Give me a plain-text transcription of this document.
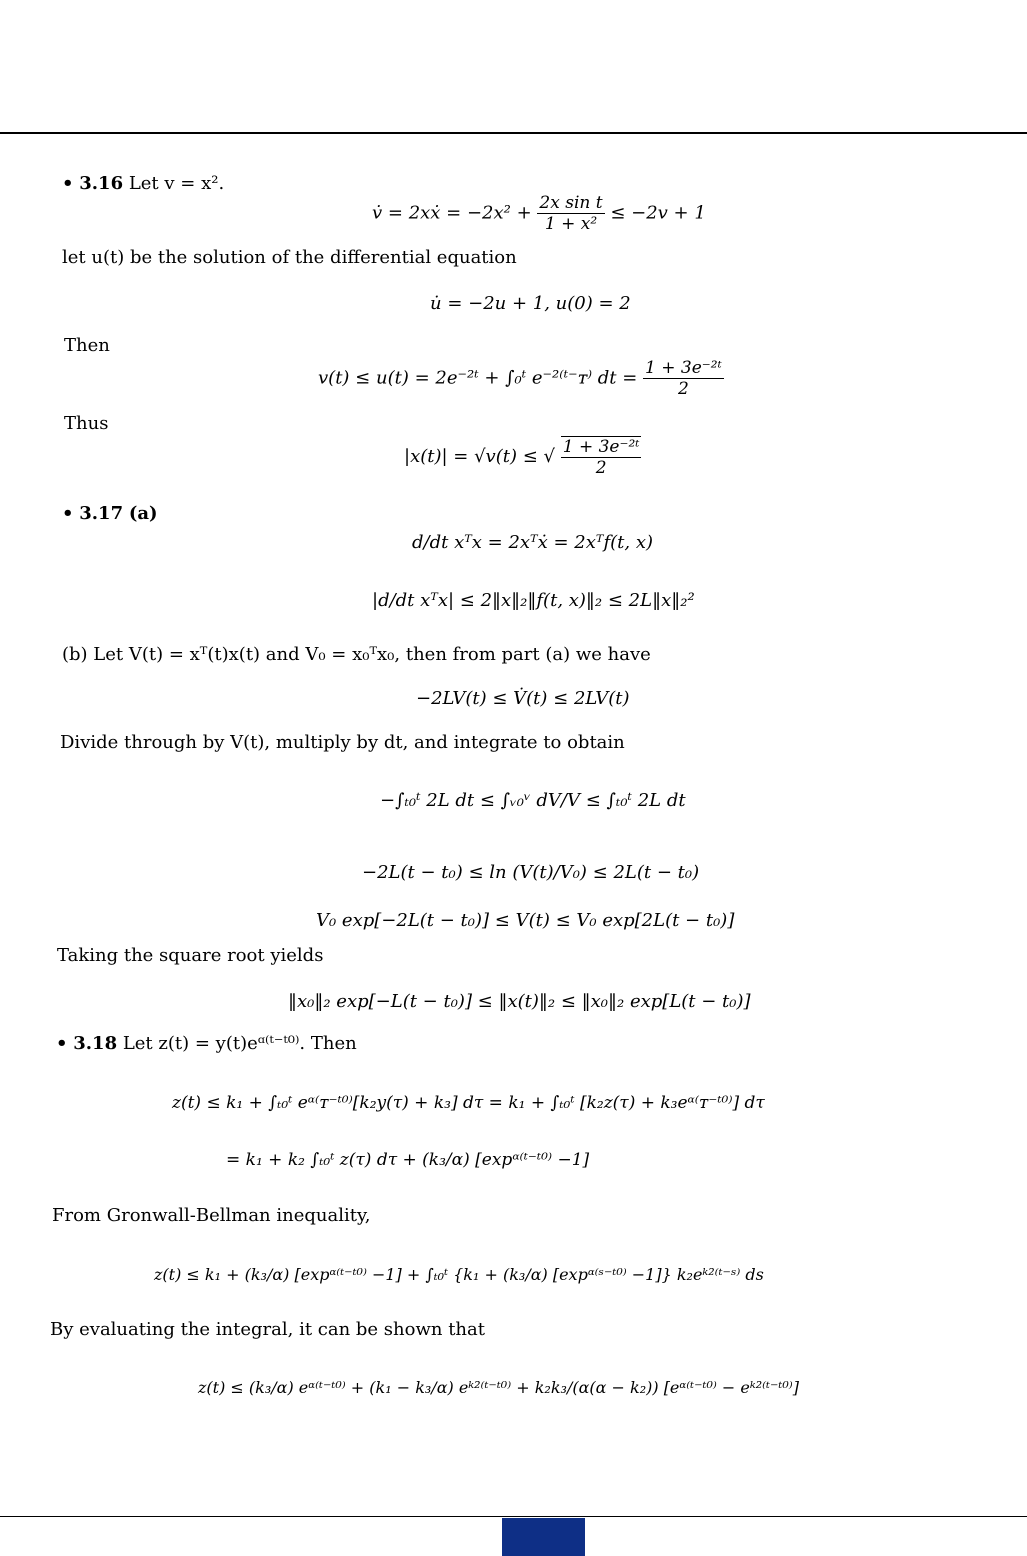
• 3.16 Let v = x².
v̇ = 2xẋ = $-2x^2 + \frac{\text{2x sin t}}{\text{1 + x²}} \le -2v + 1$
let u(t) be the solution of the differential equation
u̇ = −2u + 1, u(0) = 2
Then
v(t) ≤ u(t) = 2e⁻²ᵗ + ∫₀ᵗ e⁻²⁽ᵗ⁻ᴛ⁾ dt = $\frac{\text{1 + 3e⁻²ᵗ}}{2}$
Thus
|x(t)| = √v(t) ≤ √ $\frac{\text{1 + 3e⁻²ᵗ}}{2}$
• 3.17 (a)
d/dt xᵀx = 2xᵀẋ = 2xᵀf(t, x)
|d/dt xᵀx| ≤ 2‖x‖₂‖f(t, x)‖₂ ≤ 2L‖x‖₂²
(b) Let V(t) = xᵀ(t)x(t) and V₀ = x₀ᵀx₀, then from part (a) we have
−2LV(t) ≤ V̇(t) ≤ 2LV(t)
Divide through by V(t), multiply by dt, and integrate to obtain
−∫ₜ₀ᵗ 2L dt ≤ ∫ᵥ₀ᵛ dV/V ≤ ∫ₜ₀ᵗ 2L dt
−2L(t − t₀) ≤ ln (V(t)/V₀) ≤ 2L(t − t₀)
V₀ exp[−2L(t − t₀)] ≤ V(t) ≤ V₀ exp[2L(t − t₀)]
Taking the square root yields
‖x₀‖₂ exp[−L(t − t₀)] ≤ ‖x(t)‖₂ ≤ ‖x₀‖₂ exp[L(t − t₀)]
• 3.18 Let z(t) = y(t)eᵅ⁽ᵗ⁻ᵗ⁰⁾. Then
z(t) ≤ k₁ + ∫ₜ₀ᵗ eᵅ⁽ᴛ⁻ᵗ⁰⁾[k₂y(τ) + k₃] dτ = k₁ + ∫ₜ₀ᵗ [k₂z(τ) + k₃eᵅ⁽ᴛ⁻ᵗ⁰⁾] dτ
= k₁ + k₂ ∫ₜ₀ᵗ z(τ) dτ + (k₃/α) [expᵅ⁽ᵗ⁻ᵗ⁰⁾ −1]
From Gronwall-Bellman inequality,
z(t) ≤ k₁ + (k₃/α) [expᵅ⁽ᵗ⁻ᵗ⁰⁾ −1] + ∫ₜ₀ᵗ {k₁ + (k₃/α) [expᵅ⁽ˢ⁻ᵗ⁰⁾ −1]} k₂eᵏ²⁽ᵗ⁻ˢ⁾ ds
By evaluating the integral, it can be shown that
z(t) ≤ (k₃/α) eᵅ⁽ᵗ⁻ᵗ⁰⁾ + (k₁ − k₃/α) eᵏ²⁽ᵗ⁻ᵗ⁰⁾ + k₂k₃/(α(α − k₂)) [eᵅ⁽ᵗ⁻ᵗ⁰⁾ − eᵏ²⁽ᵗ⁻ᵗ⁰⁾]
